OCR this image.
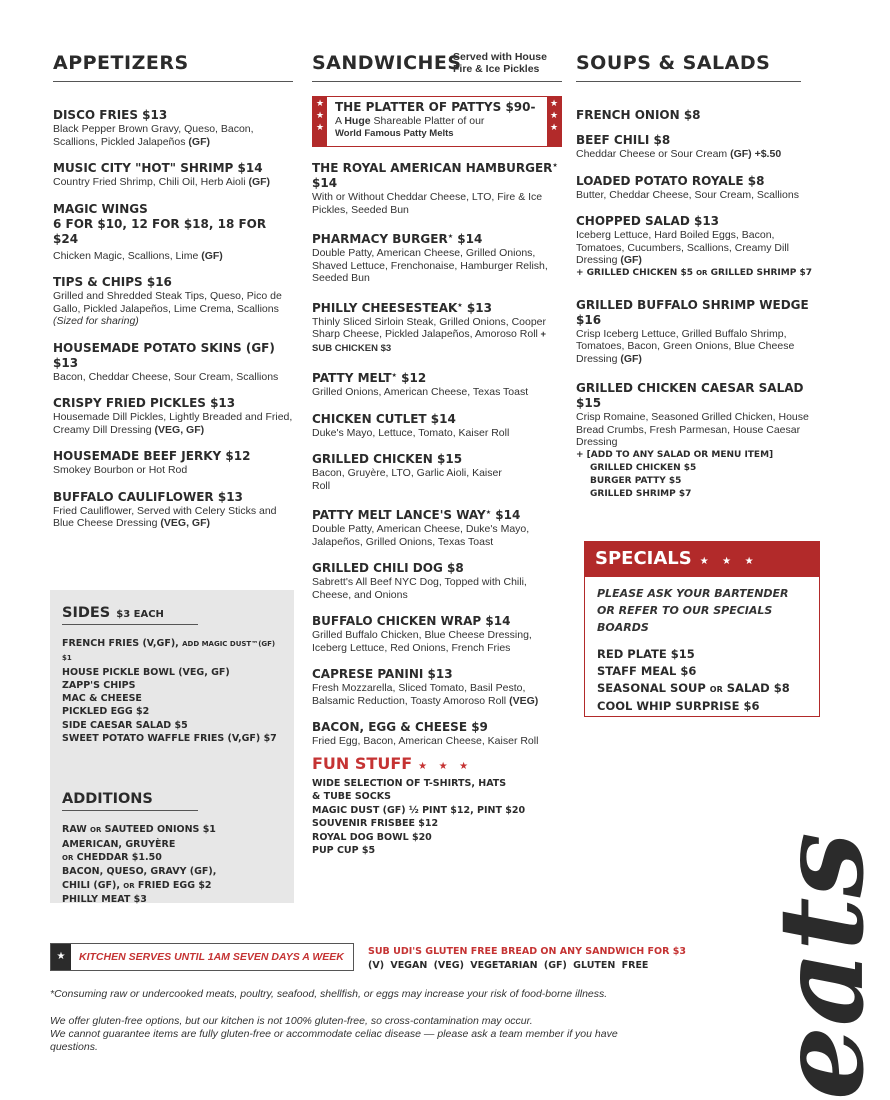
APPETIZERS
DISCO FRIES $13
Black Pepper Brown Gravy, Queso, Bacon, Scallions, Pickled Jalapeños (GF)
MUSIC CITY "HOT" SHRIMP $14
Country Fried Shrimp, Chili Oil, Herb Aioli (GF)
MAGIC WINGS
6 FOR $10, 12 FOR $18, 18 FOR $24
Chicken Magic, Scallions, Lime (GF)
TIPS & CHIPS $16
Grilled and Shredded Steak Tips, Queso, Pico de Gallo, Pickled Jalapeños, Lime Crema, Scallions (Sized for sharing)
HOUSEMADE POTATO SKINS (GF) $13
Bacon, Cheddar Cheese, Sour Cream, Scallions
CRISPY FRIED PICKLES $13
Housemade Dill Pickles, Lightly Breaded and Fried, Creamy Dill Dressing (VEG, GF)
HOUSEMADE BEEF JERKY $12
Smokey Bourbon or Hot Rod
BUFFALO CAULIFLOWER $13
Fried Cauliflower, Served with Celery Sticks and Blue Cheese Dressing (VEG, GF)
SIDES $3 EACH
FRENCH FRIES (V,GF), ADD MAGIC DUST™(GF) $1
HOUSE PICKLE BOWL (VEG, GF)
ZAPP'S CHIPS
MAC & CHEESE
PICKLED EGG $2
SIDE CAESAR SALAD $5
SWEET POTATO WAFFLE FRIES (V,GF) $7
ADDITIONS
RAW OR SAUTEED ONIONS $1
AMERICAN, GRUYÈRE
OR CHEDDAR $1.50
BACON, QUESO, GRAVY (GF),
CHILI (GF), OR FRIED EGG $2
PHILLY MEAT $3
SANDWICHES
Served with House Fire & Ice Pickles
★
★
★
THE PLATTER OF PATTYS $90-
A Huge Shareable Platter of our
World Famous Patty Melts
★
★
★
THE ROYAL AMERICAN HAMBURGER★ $14
With or Without Cheddar Cheese, LTO, Fire & Ice Pickles, Seeded Bun
PHARMACY BURGER★ $14
Double Patty, American Cheese, Grilled Onions, Shaved Lettuce, Frenchonaise, Hamburger Relish, Seeded Bun
PHILLY CHEESESTEAK★ $13
Thinly Sliced Sirloin Steak, Grilled Onions, Cooper Sharp Cheese, Pickled Jalapeños, Amoroso Roll + SUB CHICKEN $3
PATTY MELT★ $12
Grilled Onions, American Cheese, Texas Toast
CHICKEN CUTLET $14
Duke's Mayo, Lettuce, Tomato, Kaiser Roll
GRILLED CHICKEN $15
Bacon, Gruyère, LTO, Garlic Aioli, Kaiser Roll
PATTY MELT LANCE'S WAY★ $14
Double Patty, American Cheese, Duke's Mayo, Jalapeños, Grilled Onions, Texas Toast
GRILLED CHILI DOG $8
Sabrett's All Beef NYC Dog, Topped with Chili, Cheese, and Onions
BUFFALO CHICKEN WRAP $14
Grilled Buffalo Chicken, Blue Cheese Dressing, Iceberg Lettuce, Red Onions, French Fries
CAPRESE PANINI $13
Fresh Mozzarella, Sliced Tomato, Basil Pesto, Balsamic Reduction, Toasty Amoroso Roll (VEG)
BACON, EGG & CHEESE $9
Fried Egg, Bacon, American Cheese, Kaiser Roll
FUN STUFF ★ ★ ★
WIDE SELECTION OF T-SHIRTS, HATS
& TUBE SOCKS
MAGIC DUST (GF) ½ PINT $12, PINT $20
SOUVENIR FRISBEE $12
ROYAL DOG BOWL $20
PUP CUP $5
SOUPS & SALADS
FRENCH ONION $8
BEEF CHILI $8
Cheddar Cheese or Sour Cream (GF) +$.50
LOADED POTATO ROYALE $8
Butter, Cheddar Cheese, Sour Cream, Scallions
CHOPPED SALAD $13
Iceberg Lettuce, Hard Boiled Eggs, Bacon, Tomatoes, Cucumbers, Scallions, Creamy Dill Dressing (GF)
+ GRILLED CHICKEN $5 OR GRILLED SHRIMP $7
GRILLED BUFFALO SHRIMP WEDGE $16
Crisp Iceberg Lettuce, Grilled Buffalo Shrimp, Tomatoes, Bacon, Green Onions, Blue Cheese Dressing (GF)
GRILLED CHICKEN CAESAR SALAD $15
Crisp Romaine, Seasoned Grilled Chicken, House Bread Crumbs, Fresh Parmesan, House Caesar Dressing
+ [ADD TO ANY SALAD OR MENU ITEM]
GRILLED CHICKEN $5
BURGER PATTY $5
GRILLED SHRIMP $7
SPECIALS ★ ★ ★
PLEASE ASK YOUR BARTENDER OR REFER TO OUR SPECIALS BOARDS
RED PLATE $15
STAFF MEAL $6
SEASONAL SOUP OR SALAD $8
COOL WHIP SURPRISE $6
★	KITCHEN SERVES UNTIL 1AM SEVEN DAYS A WEEK	SUB UDI'S GLUTEN FREE BREAD ON ANY SANDWICH FOR $3
(V) VEGAN (VEG) VEGETARIAN (GF) GLUTEN FREE
*Consuming raw or undercooked meats, poultry, seafood, shellfish, or eggs may increase your risk of food-borne illness.
We offer gluten-free options, but our kitchen is not 100% gluten-free, so cross-contamination may occur.
We cannot guarantee items are fully gluten-free or accommodate celiac disease — please ask a team member if you have questions.	eats
